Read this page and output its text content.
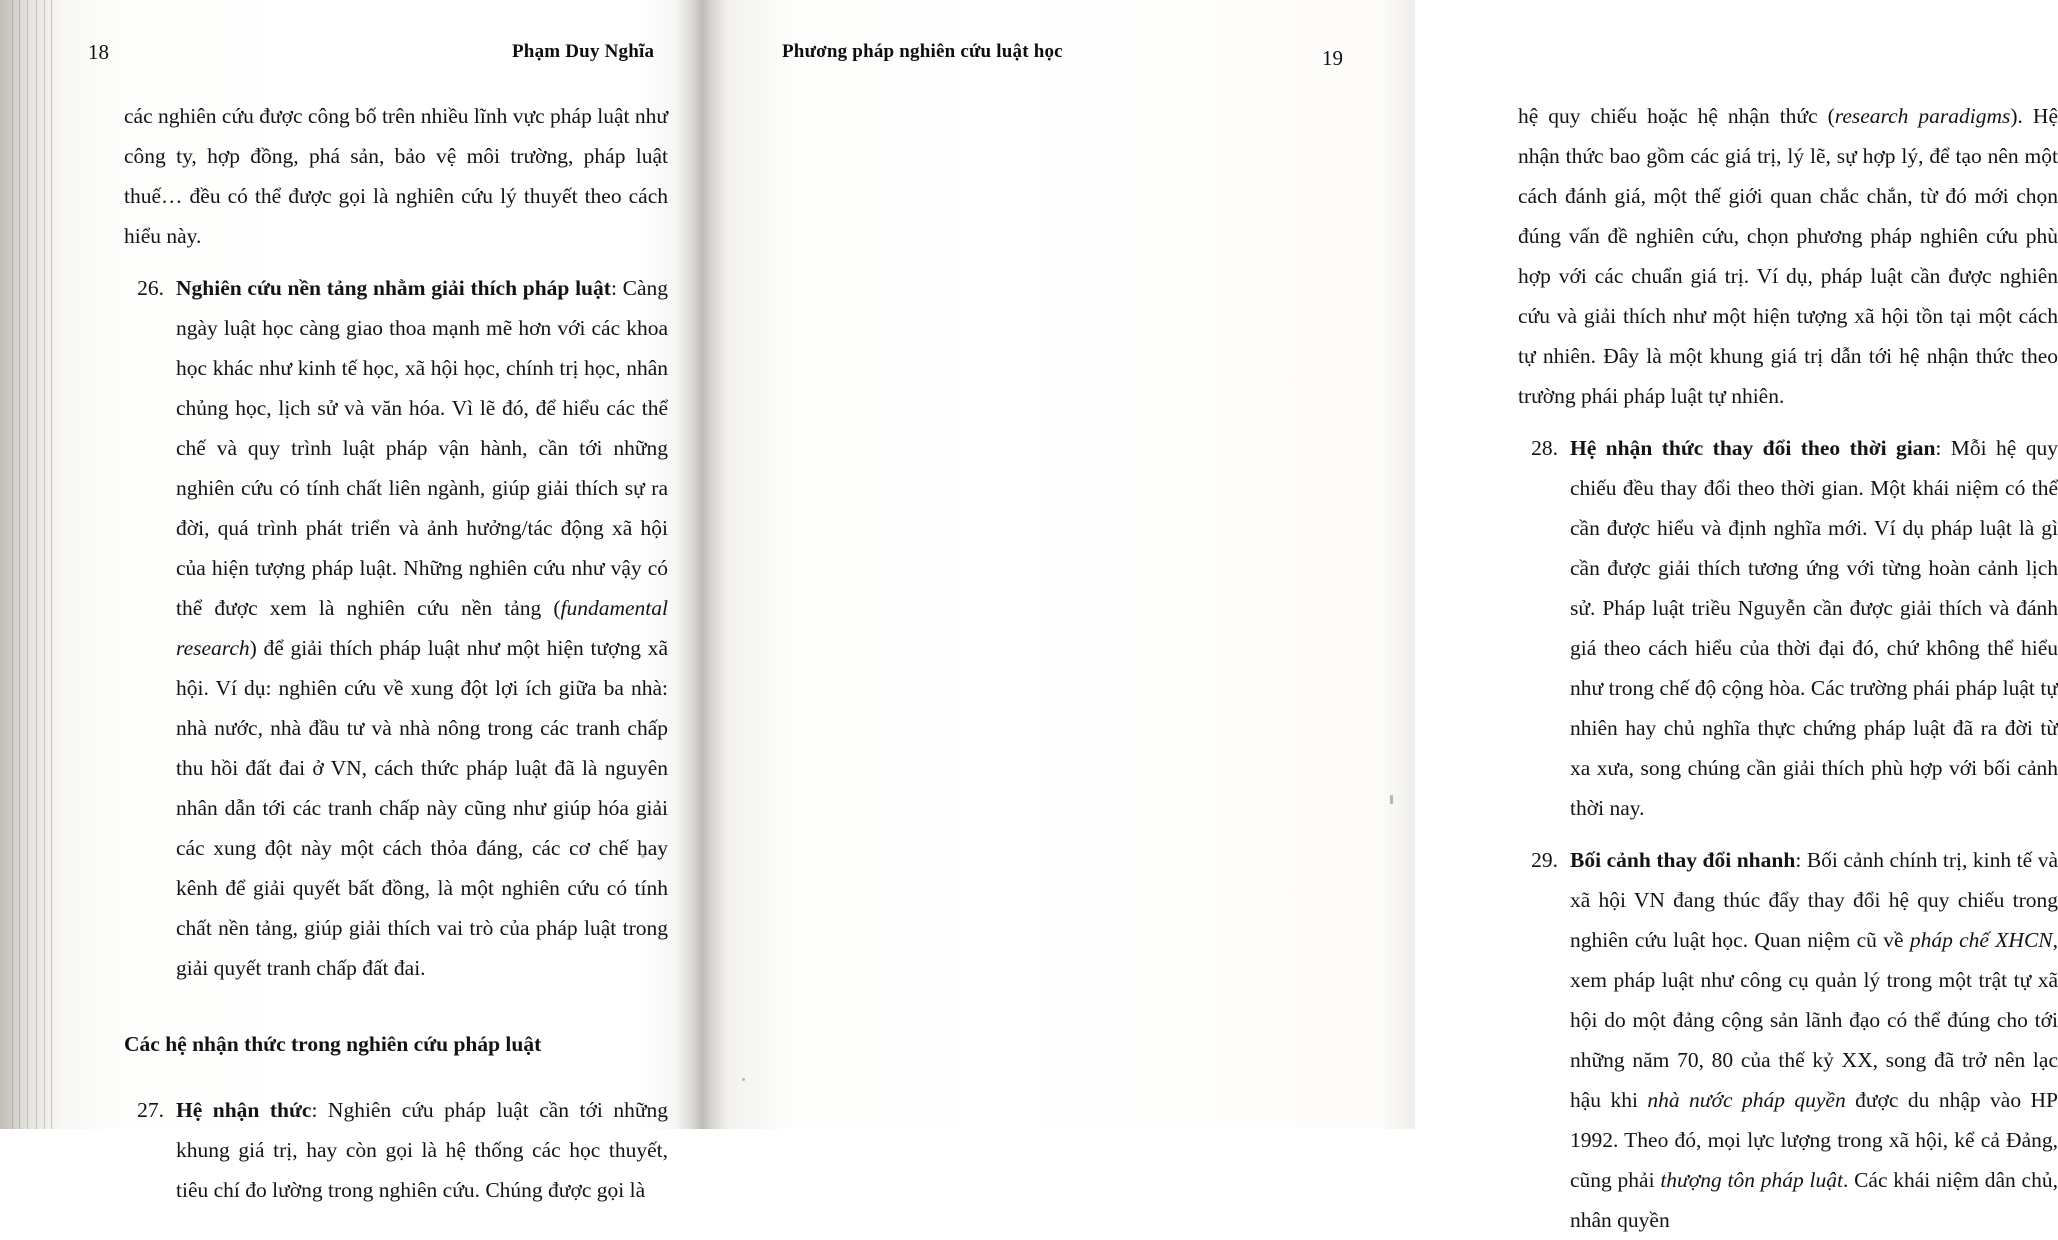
18	Phạm Duy Nghĩa

các nghiên cứu được công bố trên nhiều lĩnh vực pháp luật như công ty, hợp đồng, phá sản, bảo vệ môi trường, pháp luật thuế… đều có thể được gọi là nghiên cứu lý thuyết theo cách hiểu này.

26. Nghiên cứu nền tảng nhằm giải thích pháp luật: Càng ngày luật học càng giao thoa mạnh mẽ hơn với các khoa học khác như kinh tế học, xã hội học, chính trị học, nhân chủng học, lịch sử và văn hóa. Vì lẽ đó, để hiểu các thể chế và quy trình luật pháp vận hành, cần tới những nghiên cứu có tính chất liên ngành, giúp giải thích sự ra đời, quá trình phát triển và ảnh hưởng/tác động xã hội của hiện tượng pháp luật. Những nghiên cứu như vậy có thể được xem là nghiên cứu nền tảng (fundamental research) để giải thích pháp luật như một hiện tượng xã hội. Ví dụ: nghiên cứu về xung đột lợi ích giữa ba nhà: nhà nước, nhà đầu tư và nhà nông trong các tranh chấp thu hồi đất đai ở VN, cách thức pháp luật đã là nguyên nhân dẫn tới các tranh chấp này cũng như giúp hóa giải các xung đột này một cách thỏa đáng, các cơ chế hay kênh để giải quyết bất đồng, là một nghiên cứu có tính chất nền tảng, giúp giải thích vai trò của pháp luật trong giải quyết tranh chấp đất đai.

Các hệ nhận thức trong nghiên cứu pháp luật

27. Hệ nhận thức: Nghiên cứu pháp luật cần tới những khung giá trị, hay còn gọi là hệ thống các học thuyết, tiêu chí đo lường trong nghiên cứu. Chúng được gọi là

Phương pháp nghiên cứu luật học	19

hệ quy chiếu hoặc hệ nhận thức (research paradigms). Hệ nhận thức bao gồm các giá trị, lý lẽ, sự hợp lý, để tạo nên một cách đánh giá, một thế giới quan chắc chắn, từ đó mới chọn đúng vấn đề nghiên cứu, chọn phương pháp nghiên cứu phù hợp với các chuẩn giá trị. Ví dụ, pháp luật cần được nghiên cứu và giải thích như một hiện tượng xã hội tồn tại một cách tự nhiên. Đây là một khung giá trị dẫn tới hệ nhận thức theo trường phái pháp luật tự nhiên.

28. Hệ nhận thức thay đổi theo thời gian: Mỗi hệ quy chiếu đều thay đổi theo thời gian. Một khái niệm có thể cần được hiểu và định nghĩa mới. Ví dụ pháp luật là gì cần được giải thích tương ứng với từng hoàn cảnh lịch sử. Pháp luật triều Nguyễn cần được giải thích và đánh giá theo cách hiểu của thời đại đó, chứ không thể hiểu như trong chế độ cộng hòa. Các trường phái pháp luật tự nhiên hay chủ nghĩa thực chứng pháp luật đã ra đời từ xa xưa, song chúng cần giải thích phù hợp với bối cảnh thời nay.

29. Bối cảnh thay đổi nhanh: Bối cảnh chính trị, kinh tế và xã hội VN đang thúc đẩy thay đổi hệ quy chiếu trong nghiên cứu luật học. Quan niệm cũ về pháp chế XHCN, xem pháp luật như công cụ quản lý trong một trật tự xã hội do một đảng cộng sản lãnh đạo có thể đúng cho tới những năm 70, 80 của thế kỷ XX, song đã trở nên lạc hậu khi nhà nước pháp quyền được du nhập vào HP 1992. Theo đó, mọi lực lượng trong xã hội, kể cả Đảng, cũng phải thượng tôn pháp luật. Các khái niệm dân chủ, nhân quyền
